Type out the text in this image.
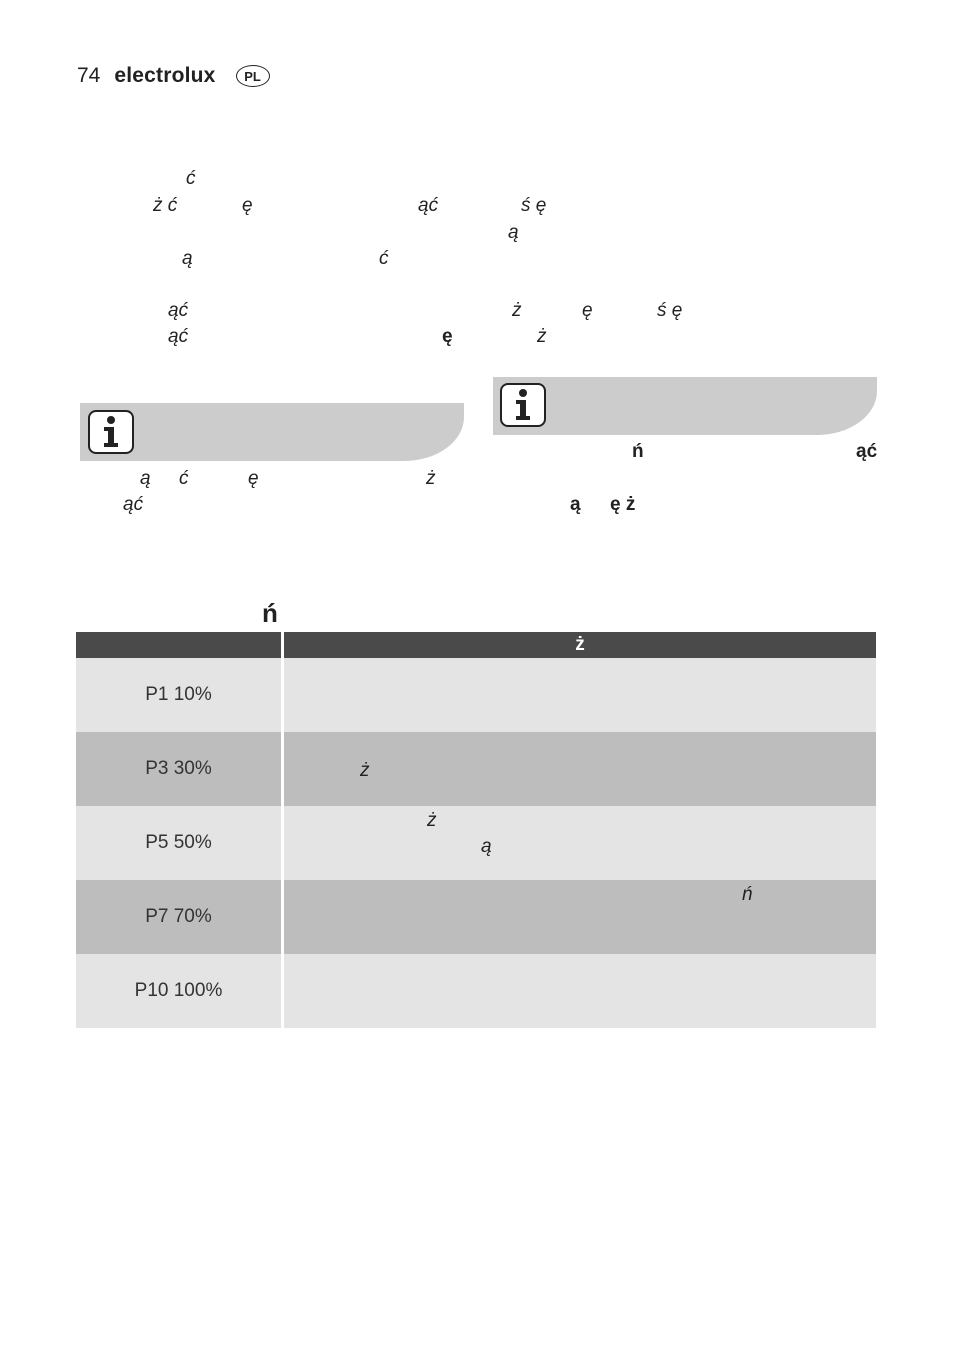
74 electrolux	PL
ć
ż ć	ę	ąć	ś ę
ą
ą	ć
ąć	ż	ę	ś ę
ąć	ę	ż
ą ć	ę	ż
ąć
ń	ąć
ą ę ż
ń
	ż
P1 10%	
P3 30%	ż

P5 50%	ż
ą

P7 70%	ń

P10 100%	
